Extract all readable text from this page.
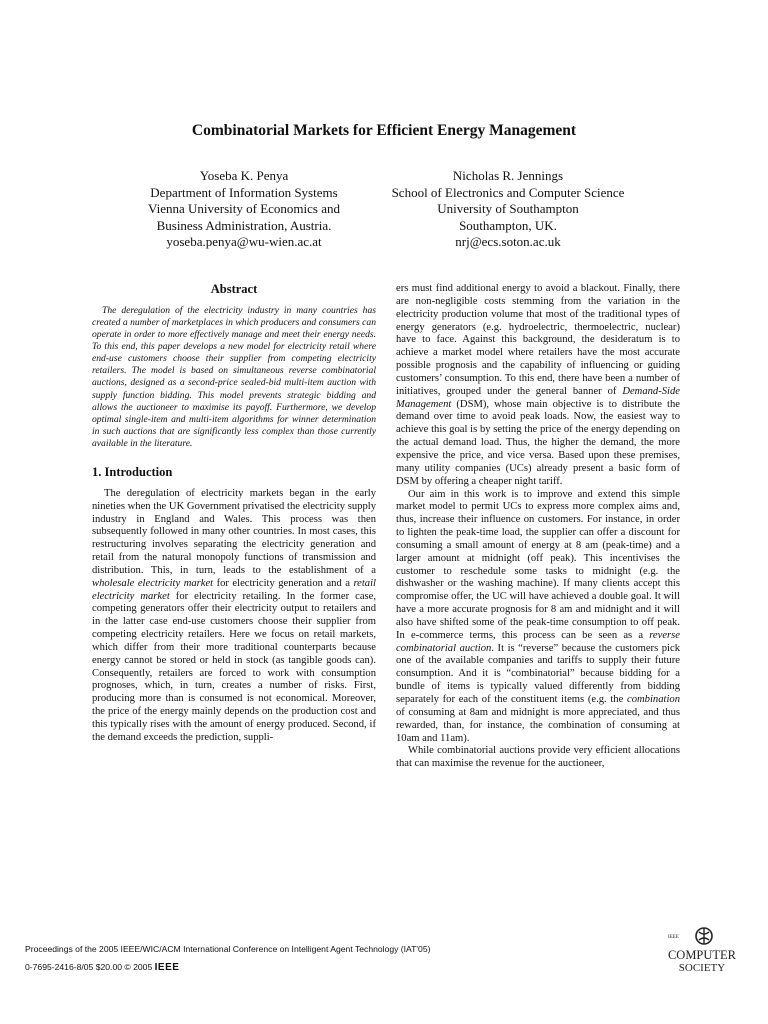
Combinatorial Markets for Efficient Energy Management
Yoseba K. Penya
Department of Information Systems
Vienna University of Economics and
Business Administration, Austria.
yoseba.penya@wu-wien.ac.at
Nicholas R. Jennings
School of Electronics and Computer Science
University of Southampton
Southampton, UK.
nrj@ecs.soton.ac.uk
Abstract

The deregulation of the electricity industry in many countries has created a number of marketplaces in which producers and consumers can operate in order to more effectively manage and meet their energy needs. To this end, this paper develops a new model for electricity retail where end-use customers choose their supplier from competing electricity retailers. The model is based on simultaneous reverse combinatorial auctions, designed as a second-price sealed-bid multi-item auction with supply function bidding. This model prevents strategic bidding and allows the auctioneer to maximise its payoff. Furthermore, we develop optimal single-item and multi-item algorithms for winner determination in such auctions that are significantly less complex than those currently available in the literature.

1. Introduction

The deregulation of electricity markets began in the early nineties when the UK Government privatised the electricity supply industry in England and Wales. This process was then subsequently followed in many other countries. In most cases, this restructuring involves separating the electricity generation and retail from the natural monopoly functions of transmission and distribution. This, in turn, leads to the establishment of a wholesale electricity market for electricity generation and a retail electricity market for electricity retailing. In the former case, competing generators offer their electricity output to retailers and in the latter case end-use customers choose their supplier from competing electricity retailers. Here we focus on retail markets, which differ from their more traditional counterparts because energy cannot be stored or held in stock (as tangible goods can). Consequently, retailers are forced to work with consumption prognoses, which, in turn, creates a number of risks. First, producing more than is consumed is not economical. Moreover, the price of the energy mainly depends on the production cost and this typically rises with the amount of energy produced. Second, if the demand exceeds the prediction, suppli-

ers must find additional energy to avoid a blackout. Finally, there are non-negligible costs stemming from the variation in the electricity production volume that most of the traditional types of energy generators (e.g. hydroelectric, thermoelectric, nuclear) have to face. Against this background, the desideratum is to achieve a market model where retailers have the most accurate possible prognosis and the capability of influencing or guiding customers’ consumption. To this end, there have been a number of initiatives, grouped under the general banner of Demand-Side Management (DSM), whose main objective is to distribute the demand over time to avoid peak loads. Now, the easiest way to achieve this goal is by setting the price of the energy depending on the actual demand load. Thus, the higher the demand, the more expensive the price, and vice versa. Based upon these premises, many utility companies (UCs) already present a basic form of DSM by offering a cheaper night tariff.

Our aim in this work is to improve and extend this simple market model to permit UCs to express more complex aims and, thus, increase their influence on customers. For instance, in order to lighten the peak-time load, the supplier can offer a discount for consuming a small amount of energy at 8 am (peak-time) and a larger amount at midnight (off peak). This incentivises the customer to reschedule some tasks to midnight (e.g. the dishwasher or the washing machine). If many clients accept this compromise offer, the UC will have achieved a double goal. It will have a more accurate prognosis for 8 am and midnight and it will also have shifted some of the peak-time consumption to off peak. In e-commerce terms, this process can be seen as a reverse combinatorial auction. It is “reverse” because the customers pick one of the available companies and tariffs to supply their future consumption. And it is “combinatorial” because bidding for a bundle of items is typically valued differently from bidding separately for each of the constituent items (e.g. the combination of consuming at 8am and midnight is more appreciated, and thus rewarded, than, for instance, the combination of consuming at 10am and 11am).

While combinatorial auctions provide very efficient allocations that can maximise the revenue for the auctioneer,

Proceedings of the 2005 IEEE/WIC/ACM International Conference on Intelligent Agent Technology (IAT'05)
0-7695-2416-8/05 $20.00 © 2005 IEEE
IEEE
COMPUTER
SOCIETY
